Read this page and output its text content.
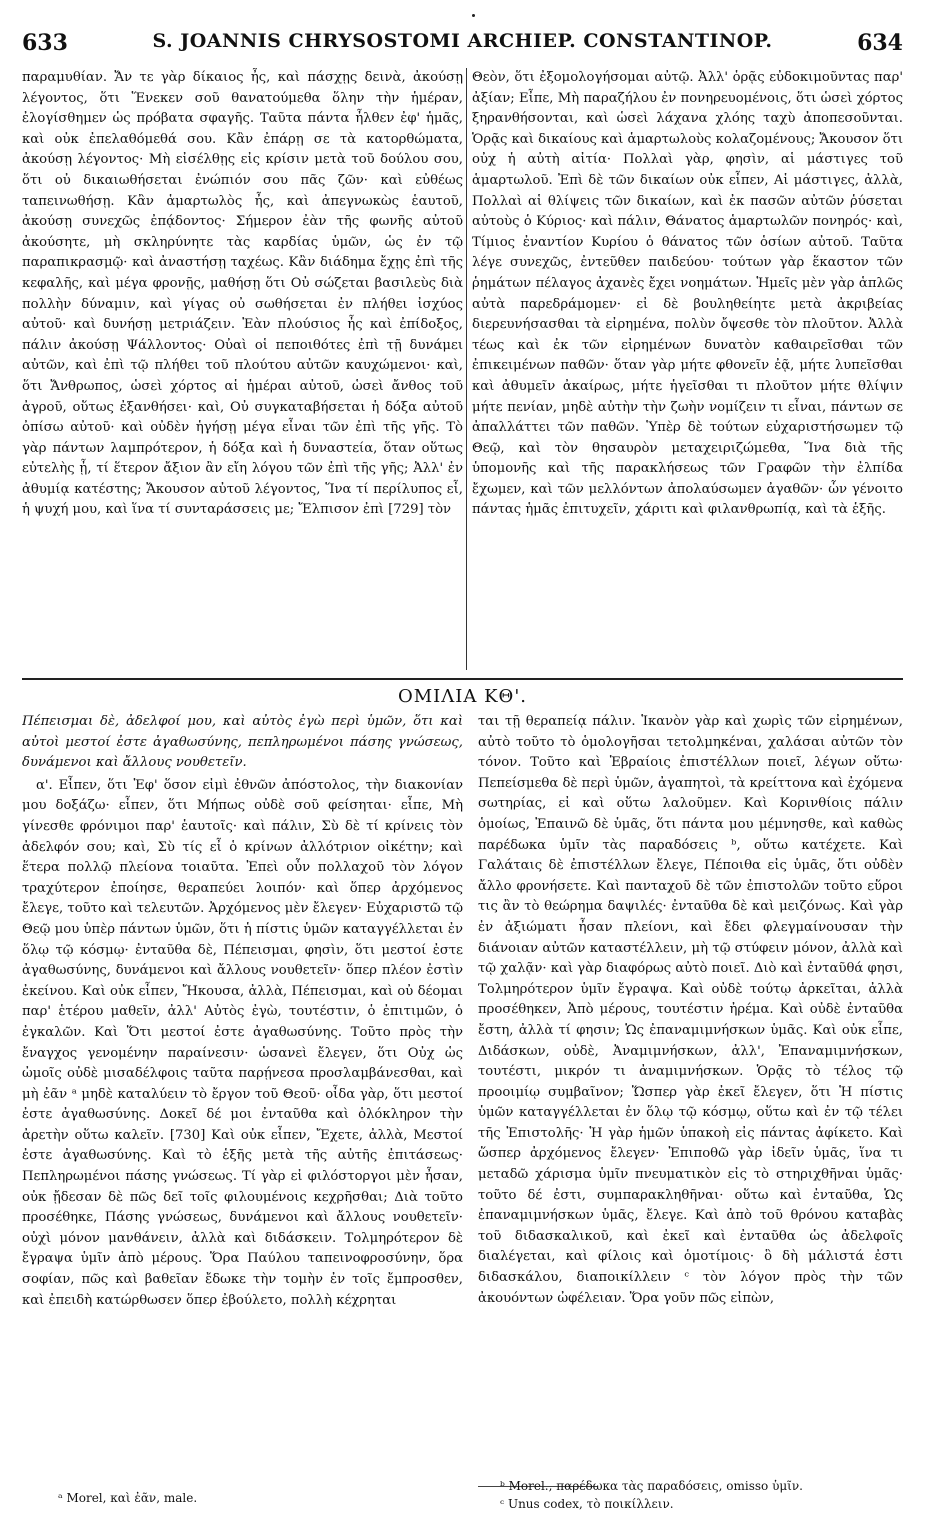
633	S. JOANNIS CHRYSOSTOMI ARCHIEP. CONSTANTINOP.	634

παραμυθίαν. Ἄν τε γὰρ δίκαιος ἦς, καὶ πάσχῃς δεινὰ, ἀκούσῃ λέγοντος, ὅτι Ἕνεκεν σοῦ θανατούμεθα ὅλην τὴν ἡμέραν, ἐλογίσθημεν ὡς πρόβατα σφαγῆς. Ταῦτα πάντα ἦλθεν ἐφ' ἡμᾶς, καὶ οὐκ ἐπελαθόμεθά σου. Κἂν ἐπάρῃ σε τὰ κατορθώματα, ἀκούσῃ λέγοντος· Μὴ εἰσέλθῃς εἰς κρίσιν μετὰ τοῦ δούλου σου, ὅτι οὐ δικαιωθήσεται ἐνώπιόν σου πᾶς ζῶν· καὶ εὐθέως ταπεινωθήσῃ. Κἂν ἁμαρτωλὸς ἦς, καὶ ἀπεγνωκὼς ἑαυτοῦ, ἀκούσῃ συνεχῶς ἐπᾴδοντος· Σήμερον ἐὰν τῆς φωνῆς αὐτοῦ ἀκούσητε, μὴ σκληρύνητε τὰς καρδίας ὑμῶν, ὡς ἐν τῷ παραπικρασμῷ· καὶ ἀναστήσῃ ταχέως. Κἂν διάδημα ἔχῃς ἐπὶ τῆς κεφαλῆς, καὶ μέγα φρονῇς, μαθήσῃ ὅτι Οὐ σώζεται βασιλεὺς διὰ πολλὴν δύναμιν, καὶ γίγας οὐ σωθήσεται ἐν πλήθει ἰσχύος αὐτοῦ· καὶ δυνήσῃ μετριάζειν. Ἐὰν πλούσιος ἦς καὶ ἐπίδοξος, πάλιν ἀκούσῃ Ψάλλοντος· Οὐαὶ οἱ πεποιθότες ἐπὶ τῇ δυνάμει αὐτῶν, καὶ ἐπὶ τῷ πλήθει τοῦ πλούτου αὐτῶν καυχώμενοι· καὶ, ὅτι Ἄνθρωπος, ὡσεὶ χόρτος αἱ ἡμέραι αὐτοῦ, ὡσεὶ ἄνθος τοῦ ἀγροῦ, οὕτως ἐξανθήσει· καὶ, Οὐ συγκαταβήσεται ἡ δόξα αὐτοῦ ὀπίσω αὐτοῦ· καὶ οὐδὲν ἡγήσῃ μέγα εἶναι τῶν ἐπὶ τῆς γῆς. Τὸ γὰρ πάντων λαμπρότερον, ἡ δόξα καὶ ἡ δυναστεία, ὅταν οὕτως εὐτελὴς ᾖ, τί ἕτερον ἄξιον ἂν εἴη λόγου τῶν ἐπὶ τῆς γῆς; Ἀλλ' ἐν ἀθυμίᾳ κατέστης; Ἄκουσον αὐτοῦ λέγοντος, Ἵνα τί περίλυπος εἶ, ἡ ψυχή μου, καὶ ἵνα τί συνταράσσεις με; Ἔλπισον ἐπὶ [729] τὸν

Θεὸν, ὅτι ἐξομολογήσομαι αὐτῷ. Ἀλλ' ὁρᾷς εὐδοκιμοῦντας παρ' ἀξίαν; Εἶπε, Μὴ παραζήλου ἐν πονηρευομένοις, ὅτι ὡσεὶ χόρτος ξηρανθήσονται, καὶ ὡσεὶ λάχανα χλόης ταχὺ ἀποπεσοῦνται. Ὁρᾷς καὶ δικαίους καὶ ἁμαρτωλοὺς κολαζομένους; Ἄκουσον ὅτι οὐχ ἡ αὐτὴ αἰτία· Πολλαὶ γὰρ, φησὶν, αἱ μάστιγες τοῦ ἁμαρτωλοῦ. Ἐπὶ δὲ τῶν δικαίων οὐκ εἶπεν, Αἱ μάστιγες, ἀλλὰ, Πολλαὶ αἱ θλίψεις τῶν δικαίων, καὶ ἐκ πασῶν αὐτῶν ῥύσεται αὐτοὺς ὁ Κύριος· καὶ πάλιν, Θάνατος ἁμαρτωλῶν πονηρός· καὶ, Τίμιος ἐναντίον Κυρίου ὁ θάνατος τῶν ὁσίων αὐτοῦ. Ταῦτα λέγε συνεχῶς, ἐντεῦθεν παιδεύου· τούτων γὰρ ἕκαστον τῶν ῥημάτων πέλαγος ἀχανὲς ἔχει νοημάτων. Ἡμεῖς μὲν γὰρ ἁπλῶς αὐτὰ παρεδράμομεν· εἰ δὲ βουληθείητε μετὰ ἀκριβείας διερευνήσασθαι τὰ εἰρημένα, πολὺν ὄψεσθε τὸν πλοῦτον. Ἀλλὰ τέως καὶ ἐκ τῶν εἰρημένων δυνατὸν καθαιρεῖσθαι τῶν ἐπικειμένων παθῶν· ὅταν γὰρ μήτε φθονεῖν ἐᾷ, μήτε λυπεῖσθαι καὶ ἀθυμεῖν ἀκαίρως, μήτε ἡγεῖσθαι τι πλοῦτον μήτε θλίψιν μήτε πενίαν, μηδὲ αὐτὴν τὴν ζωὴν νομίζειν τι εἶναι, πάντων σε ἀπαλλάττει τῶν παθῶν. Ὑπὲρ δὲ τούτων εὐχαριστήσωμεν τῷ Θεῷ, καὶ τὸν θησαυρὸν μεταχειριζώμεθα, Ἵνα διὰ τῆς ὑπομονῆς καὶ τῆς παρακλήσεως τῶν Γραφῶν τὴν ἐλπίδα ἔχωμεν, καὶ τῶν μελλόντων ἀπολαύσωμεν ἀγαθῶν· ὧν γένοιτο πάντας ἡμᾶς ἐπιτυχεῖν, χάριτι καὶ φιλανθρωπίᾳ, καὶ τὰ ἑξῆς.

ΟΜΙΛΙΑ ΚΘ'.

Πέπεισμαι δὲ, ἀδελφοί μου, καὶ αὐτὸς ἐγὼ περὶ ὑμῶν, ὅτι καὶ αὐτοὶ μεστοί ἐστε ἀγαθωσύνης, πεπληρωμένοι πάσης γνώσεως, δυνάμενοι καὶ ἄλλους νουθετεῖν.

α'. Εἶπεν, ὅτι Ἐφ' ὅσον εἰμὶ ἐθνῶν ἀπόστολος, τὴν διακονίαν μου δοξάζω· εἶπεν, ὅτι Μήπως οὐδὲ σοῦ φείσηται· εἶπε, Μὴ γίνεσθε φρόνιμοι παρ' ἑαυτοῖς· καὶ πάλιν, Σὺ δὲ τί κρίνεις τὸν ἀδελφόν σου; καὶ, Σὺ τίς εἶ ὁ κρίνων ἀλλότριον οἰκέτην; καὶ ἕτερα πολλῷ πλείονα τοιαῦτα. Ἐπεὶ οὖν πολλαχοῦ τὸν λόγον τραχύτερον ἐποίησε, θεραπεύει λοιπόν· καὶ ὅπερ ἀρχόμενος ἔλεγε, τοῦτο καὶ τελευτῶν. Ἀρχόμενος μὲν ἔλεγεν· Εὐχαριστῶ τῷ Θεῷ μου ὑπὲρ πάντων ὑμῶν, ὅτι ἡ πίστις ὑμῶν καταγγέλλεται ἐν ὅλῳ τῷ κόσμῳ· ἐνταῦθα δὲ, Πέπεισμαι, φησὶν, ὅτι μεστοί ἐστε ἀγαθωσύνης, δυνάμενοι καὶ ἄλλους νουθετεῖν· ὅπερ πλέον ἐστὶν ἐκείνου. Καὶ οὐκ εἶπεν, Ἤκουσα, ἀλλὰ, Πέπεισμαι, καὶ οὐ δέομαι παρ' ἑτέρου μαθεῖν, ἀλλ' Αὐτὸς ἐγὼ, τουτέστιν, ὁ ἐπιτιμῶν, ὁ ἐγκαλῶν. Καὶ Ὅτι μεστοί ἐστε ἀγαθωσύνης. Τοῦτο πρὸς τὴν ἔναγχος γενομένην παραίνεσιν· ὡσανεὶ ἔλεγεν, ὅτι Οὐχ ὡς ὠμοῖς οὐδὲ μισαδέλφοις ταῦτα παρῄνεσα προσλαμβάνεσθαι, καὶ μὴ ἐᾶν ᵃ μηδὲ καταλύειν τὸ ἔργον τοῦ Θεοῦ· οἶδα γὰρ, ὅτι μεστοί ἐστε ἀγαθωσύνης. Δοκεῖ δέ μοι ἐνταῦθα καὶ ὁλόκληρον τὴν ἀρετὴν οὕτω καλεῖν. [730] Καὶ οὐκ εἶπεν, Ἔχετε, ἀλλὰ, Μεστοί ἐστε ἀγαθωσύνης. Καὶ τὸ ἑξῆς μετὰ τῆς αὐτῆς ἐπιτάσεως· Πεπληρωμένοι πάσης γνώσεως. Τί γὰρ εἰ φιλόστοργοι μὲν ἦσαν, οὐκ ᾔδεσαν δὲ πῶς δεῖ τοῖς φιλουμένοις κεχρῆσθαι; Διὰ τοῦτο προσέθηκε, Πάσης γνώσεως, δυνάμενοι καὶ ἄλλους νουθετεῖν· οὐχὶ μόνον μανθάνειν, ἀλλὰ καὶ διδάσκειν. Τολμηρότερον δὲ ἔγραψα ὑμῖν ἀπὸ μέρους. Ὅρα Παύλου ταπεινοφροσύνην, ὅρα σοφίαν, πῶς καὶ βαθεῖαν ἔδωκε τὴν τομὴν ἐν τοῖς ἔμπροσθεν, καὶ ἐπειδὴ κατώρθωσεν ὅπερ ἐβούλετο, πολλὴ κέχρηται

ται τῇ θεραπείᾳ πάλιν. Ἱκανὸν γὰρ καὶ χωρὶς τῶν εἰρημένων, αὐτὸ τοῦτο τὸ ὁμολογῆσαι τετολμηκέναι, χαλάσαι αὐτῶν τὸν τόνον. Τοῦτο καὶ Ἑβραίοις ἐπιστέλλων ποιεῖ, λέγων οὕτω· Πεπείσμεθα δὲ περὶ ὑμῶν, ἀγαπητοὶ, τὰ κρείττονα καὶ ἐχόμενα σωτηρίας, εἰ καὶ οὕτω λαλοῦμεν. Καὶ Κορινθίοις πάλιν ὁμοίως, Ἐπαινῶ δὲ ὑμᾶς, ὅτι πάντα μου μέμνησθε, καὶ καθὼς παρέδωκα ὑμῖν τὰς παραδόσεις ᵇ, οὕτω κατέχετε. Καὶ Γαλάταις δὲ ἐπιστέλλων ἔλεγε, Πέποιθα εἰς ὑμᾶς, ὅτι οὐδὲν ἄλλο φρονήσετε. Καὶ πανταχοῦ δὲ τῶν ἐπιστολῶν τοῦτο εὕροι τις ἂν τὸ θεώρημα δαψιλές· ἐνταῦθα δὲ καὶ μειζόνως. Καὶ γὰρ ἐν ἀξιώματι ἦσαν πλείονι, καὶ ἔδει φλεγμαίνουσαν τὴν διάνοιαν αὐτῶν καταστέλλειν, μὴ τῷ στύφειν μόνον, ἀλλὰ καὶ τῷ χαλᾷν· καὶ γὰρ διαφόρως αὐτὸ ποιεῖ. Διὸ καὶ ἐνταῦθά φησι, Τολμηρότερον ὑμῖν ἔγραψα. Καὶ οὐδὲ τούτῳ ἀρκεῖται, ἀλλὰ προσέθηκεν, Ἀπὸ μέρους, τουτέστιν ἠρέμα. Καὶ οὐδὲ ἐνταῦθα ἔστη, ἀλλὰ τί φησιν; Ὡς ἐπαναμιμνήσκων ὑμᾶς. Καὶ οὐκ εἶπε, Διδάσκων, οὐδὲ, Ἀναμιμνήσκων, ἀλλ', Ἐπαναμιμνήσκων, τουτέστι, μικρόν τι ἀναμιμνήσκων. Ὁρᾷς τὸ τέλος τῷ προοιμίῳ συμβαῖνον; Ὥσπερ γὰρ ἐκεῖ ἔλεγεν, ὅτι Ἡ πίστις ὑμῶν καταγγέλλεται ἐν ὅλῳ τῷ κόσμῳ, οὕτω καὶ ἐν τῷ τέλει τῆς Ἐπιστολῆς· Ἡ γὰρ ἡμῶν ὑπακοὴ εἰς πάντας ἀφίκετο. Καὶ ὥσπερ ἀρχόμενος ἔλεγεν· Ἐπιποθῶ γὰρ ἰδεῖν ὑμᾶς, ἵνα τι μεταδῶ χάρισμα ὑμῖν πνευματικὸν εἰς τὸ στηριχθῆναι ὑμᾶς· τοῦτο δέ ἐστι, συμπαρακληθῆναι· οὕτω καὶ ἐνταῦθα, Ὡς ἐπαναμιμνήσκων ὑμᾶς, ἔλεγε. Καὶ ἀπὸ τοῦ θρόνου καταβὰς τοῦ διδασκαλικοῦ, καὶ ἐκεῖ καὶ ἐνταῦθα ὡς ἀδελφοῖς διαλέγεται, καὶ φίλοις καὶ ὁμοτίμοις· ὃ δὴ μάλιστά ἐστι διδασκάλου, διαποικίλλειν ᶜ τὸν λόγον πρὸς τὴν τῶν ἀκουόντων ὠφέλειαν. Ὅρα γοῦν πῶς εἰπὼν,

ᵃ Morel, καὶ ἐᾶν, male.
ᵇ Morel., παρέδωκα τὰς παραδόσεις, omisso ὑμῖν.
ᶜ Unus codex, τὸ ποικίλλειν.
